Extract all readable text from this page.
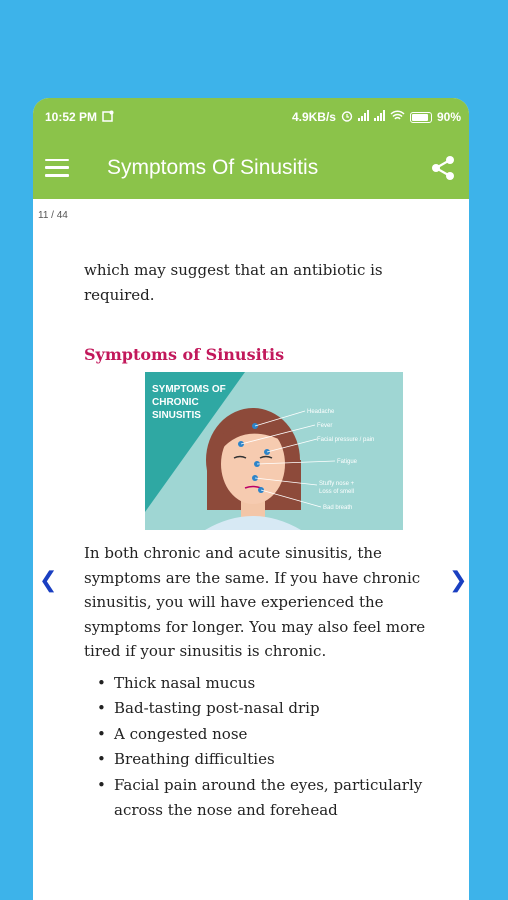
10:52 PM	4.9KB/s	90%
Symptoms Of Sinusitis
11 / 44

which may suggest that an antibiotic is required.

Symptoms of Sinusitis
SYMPTOMS OF
CHRONIC
SINUSITIS	Headache
Fever
Facial pressure / pain
Fatigue
Stuffy nose +
Loss of smell
Bad breath

In both chronic and acute sinusitis, the symptoms are the same. If you have chronic sinusitis, you will have experienced the symptoms for longer. You may also feel more tired if your sinusitis is chronic.

• Thick nasal mucus
• Bad-tasting post-nasal drip
• A congested nose
• Breathing difficulties
• Facial pain around the eyes, particularly across the nose and forehead
❮	❯
